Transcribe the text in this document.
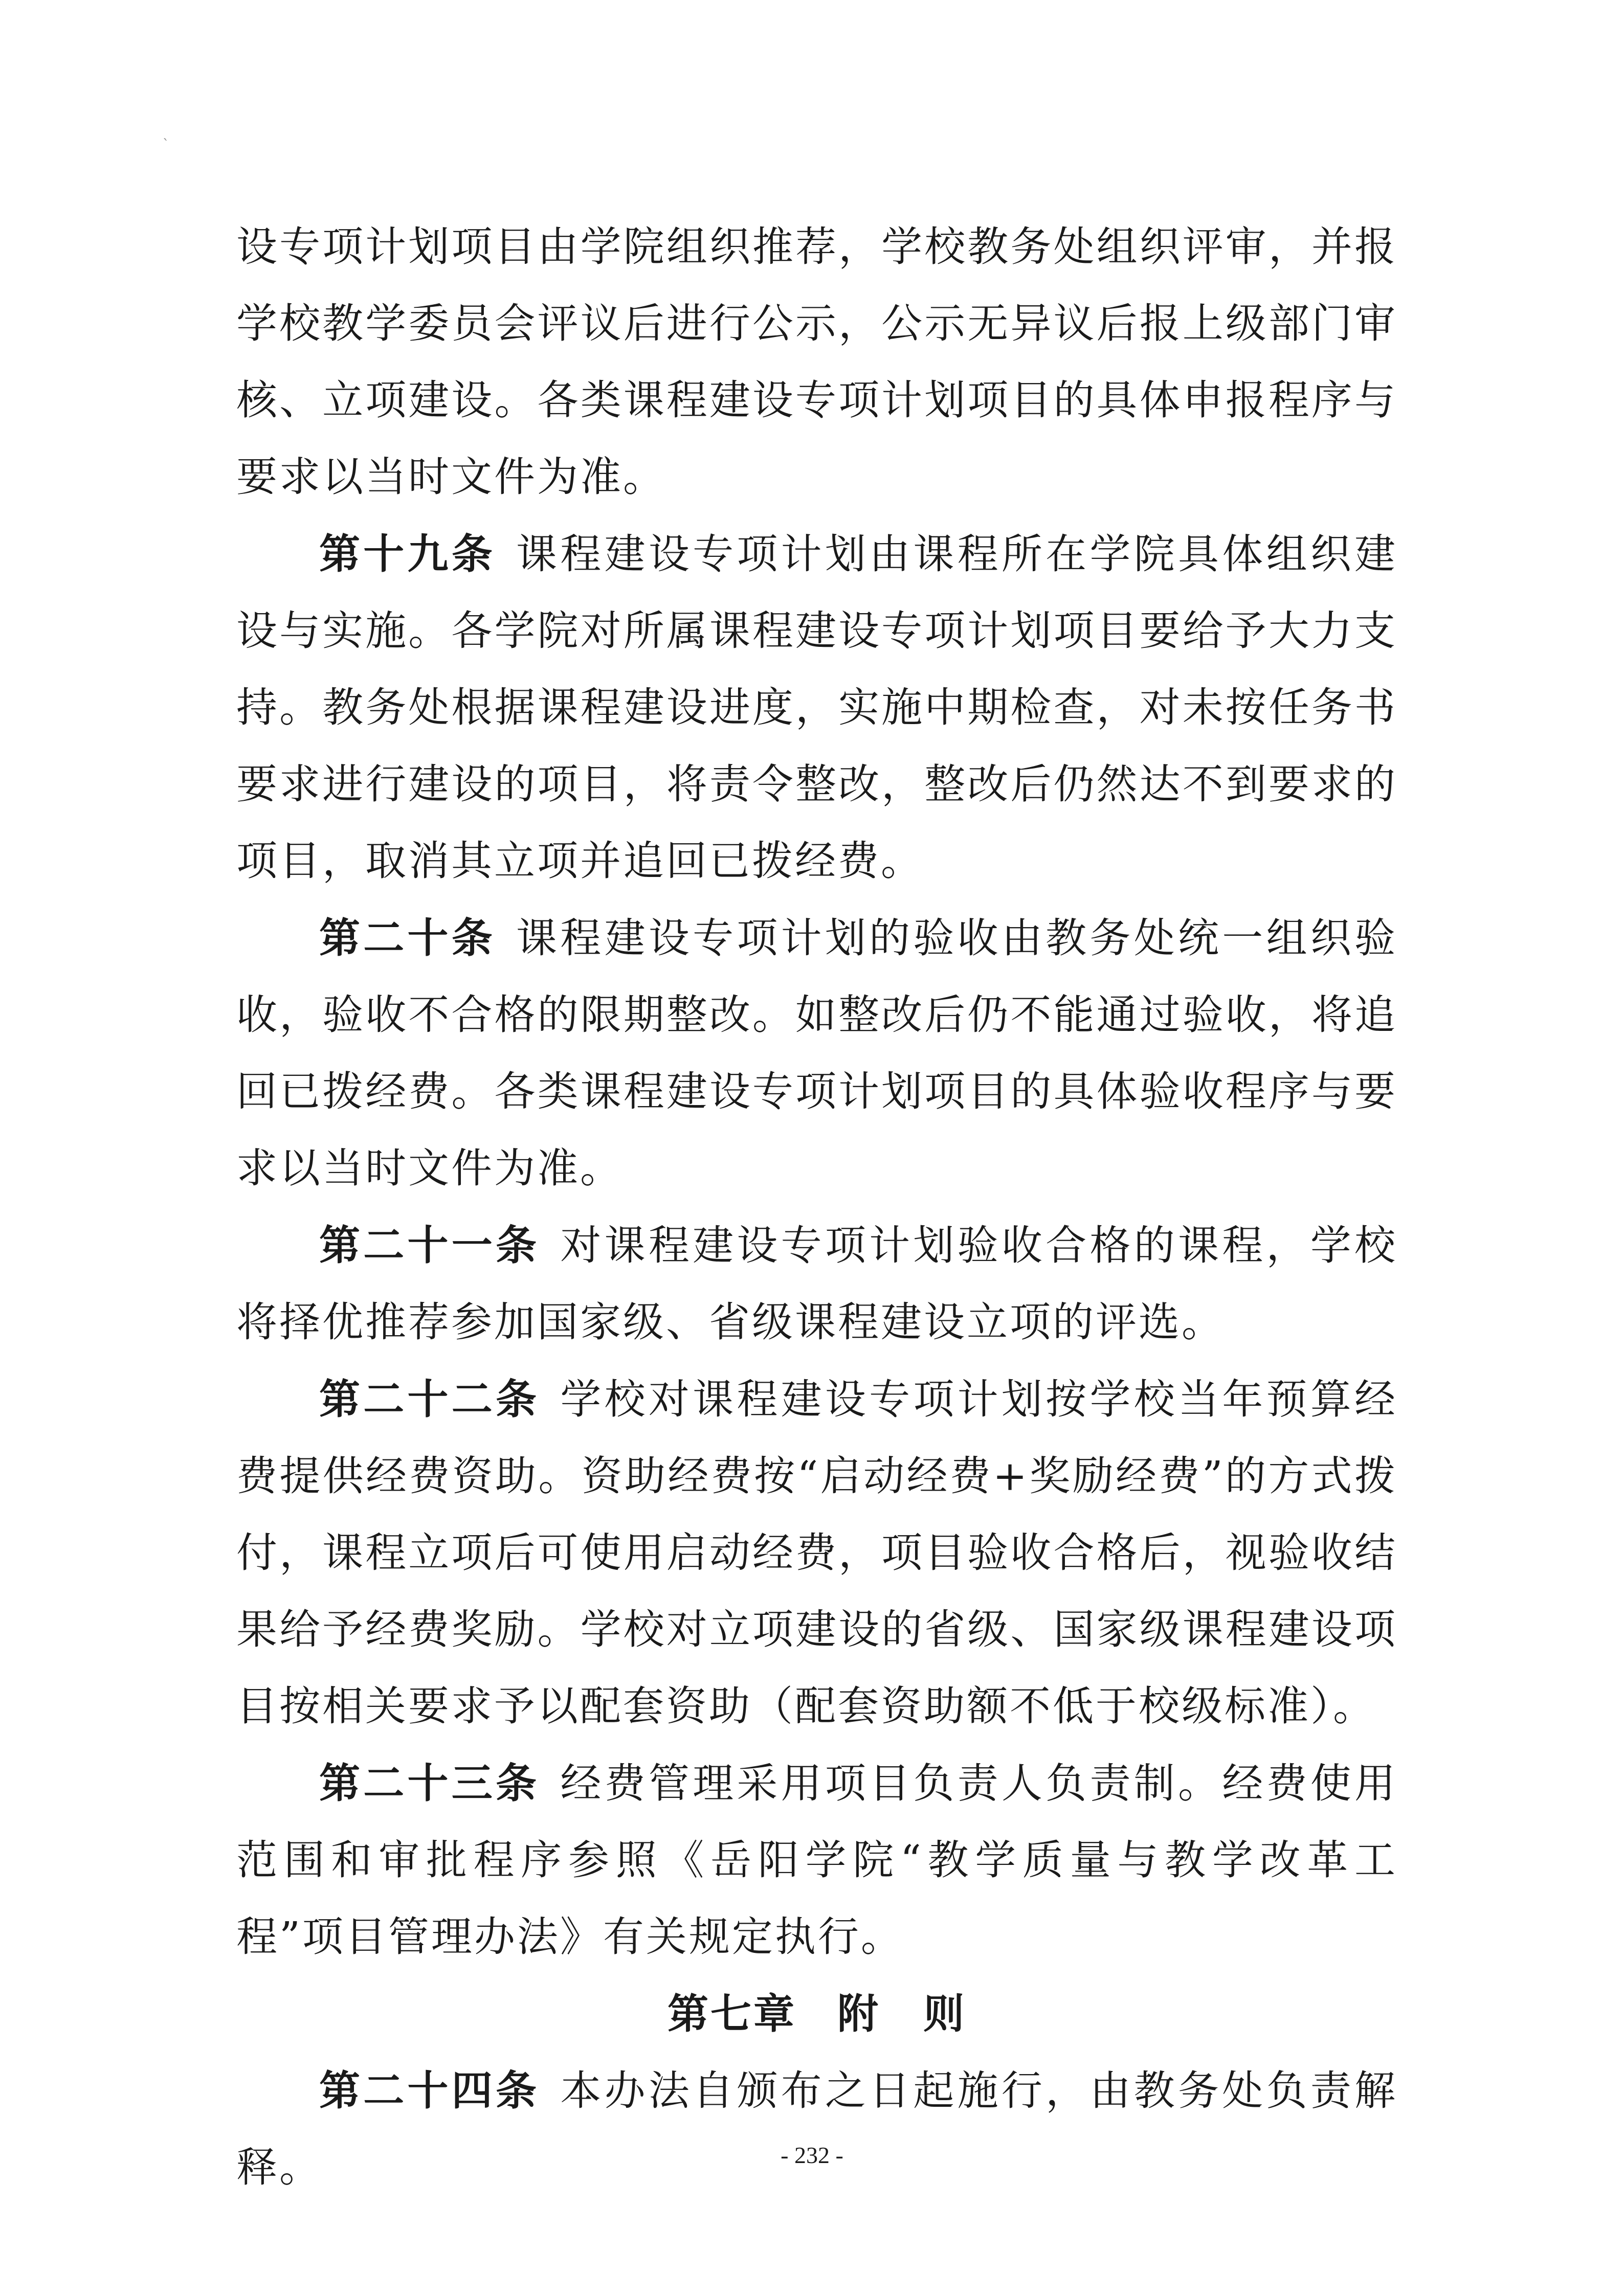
`

设专项计划项目由学院组织推荐，学校教务处组织评审，并报学校教学委员会评议后进行公示，公示无异议后报上级部门审核、立项建设。各类课程建设专项计划项目的具体申报程序与要求以当时文件为准。

第十九条 课程建设专项计划由课程所在学院具体组织建设与实施。各学院对所属课程建设专项计划项目要给予大力支持。教务处根据课程建设进度，实施中期检查，对未按任务书要求进行建设的项目，将责令整改，整改后仍然达不到要求的项目，取消其立项并追回已拨经费。

第二十条 课程建设专项计划的验收由教务处统一组织验收，验收不合格的限期整改。如整改后仍不能通过验收，将追回已拨经费。各类课程建设专项计划项目的具体验收程序与要求以当时文件为准。

第二十一条 对课程建设专项计划验收合格的课程，学校将择优推荐参加国家级、省级课程建设立项的评选。

第二十二条 学校对课程建设专项计划按学校当年预算经费提供经费资助。资助经费按“启动经费+奖励经费”的方式拨付，课程立项后可使用启动经费，项目验收合格后，视验收结果给予经费奖励。学校对立项建设的省级、国家级课程建设项目按相关要求予以配套资助（配套资助额不低于校级标准）。

第二十三条 经费管理采用项目负责人负责制。经费使用范围和审批程序参照《岳阳学院“教学质量与教学改革工程”项目管理办法》有关规定执行。

第七章 附　则

第二十四条 本办法自颁布之日起施行，由教务处负责解释。	- 232 -
